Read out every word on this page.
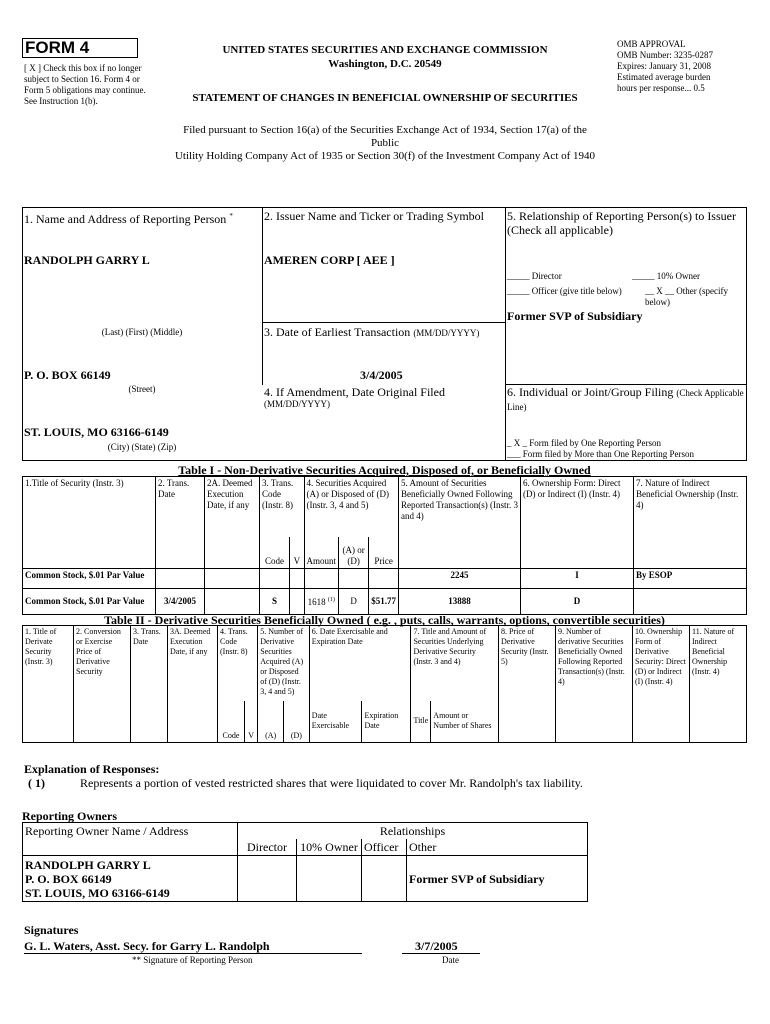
FORM 4
[ X ] Check this box if no longer subject to Section 16. Form 4 or Form 5 obligations may continue. See Instruction 1(b).
UNITED STATES SECURITIES AND EXCHANGE COMMISSION
Washington, D.C. 20549
STATEMENT OF CHANGES IN BENEFICIAL OWNERSHIP OF SECURITIES
OMB APPROVAL
OMB Number: 3235-0287
Expires: January 31, 2008
Estimated average burden
hours per response... 0.5
Filed pursuant to Section 16(a) of the Securities Exchange Act of 1934, Section 17(a) of the
Public
Utility Holding Company Act of 1935 or Section 30(f) of the Investment Company Act of 1940
1. Name and Address of Reporting Person *	2. Issuer Name and Ticker or Trading Symbol	5. Relationship of Reporting Person(s) to Issuer (Check all applicable)
RANDOLPH GARRY L	AMEREN CORP [ AEE ]
_____ Director	_____ 10% Owner
_____ Officer (give title below)	__ X __ Other (specify below)
Former SVP of Subsidiary
(Last) (First) (Middle)	3. Date of Earliest Transaction (MM/DD/YYYY)
P. O. BOX 66149	3/4/2005
(Street)	4. If Amendment, Date Original Filed
(MM/DD/YYYY)
6. Individual or Joint/Group Filing (Check Applicable Line)
ST. LOUIS, MO 63166-6149
(City) (State) (Zip)	_ X _ Form filed by One Reporting Person
___ Form filed by More than One Reporting Person
Table I - Non-Derivative Securities Acquired, Disposed of, or Beneficially Owned
1.Title of Security (Instr. 3)	2. Trans. Date	2A. Deemed Execution Date, if any	3. Trans. Code (Instr. 8)		4. Securities Acquired (A) or Disposed of (D) (Instr. 3, 4 and 5)			5. Amount of Securities Beneficially Owned Following Reported Transaction(s) (Instr. 3 and 4)	6. Ownership Form: Direct (D) or Indirect (I) (Instr. 4)	7. Nature of Indirect Beneficial Ownership (Instr. 4)
			Code	V	Amount	(A) or (D)	Price			
Common Stock, $.01 Par Value								2245	I	By ESOP
Common Stock, $.01 Par Value	3/4/2005		S		1618 $^{(1)}$	D	$51.77	13888	D	
Table II - Derivative Securities Beneficially Owned ( e.g. , puts, calls, warrants, options, convertible securities)
1. Title of Derivate Security (Instr. 3)	2. Conversion or Exercise Price of Derivative Security	3. Trans. Date	3A. Deemed Execution Date, if any	4. Trans. Code (Instr. 8)		5. Number of Derivative Securities Acquired (A) or Disposed of (D) (Instr. 3, 4 and 5)		6. Date Exercisable and Expiration Date		7. Title and Amount of Securities Underlying Derivative Security (Instr. 3 and 4)		8. Price of Derivative Security (Instr. 5)	9. Number of derivative Securities Beneficially Owned Following Reported Transaction(s) (Instr. 4)	10. Ownership Form of Derivative Security: Direct (D) or Indirect (I) (Instr. 4)	11. Nature of Indirect Beneficial Ownership (Instr. 4)
				Code	V	(A)	(D)	Date Exercisable	Expiration Date	Title	Amount or Number of Shares				
Explanation of Responses:
( 1)	Represents a portion of vested restricted shares that were liquidated to cover Mr. Randolph's tax liability.
Reporting Owners
Reporting Owner Name / Address	Relationships			
	Director	10% Owner	Officer	Other

RANDOLPH GARRY L
P. O. BOX 66149
ST. LOUIS, MO 63166-6149				Former SVP of Subsidiary
Signatures
G. L. Waters, Asst. Secy. for Garry L. Randolph	3/7/2005
** Signature of Reporting Person	Date
